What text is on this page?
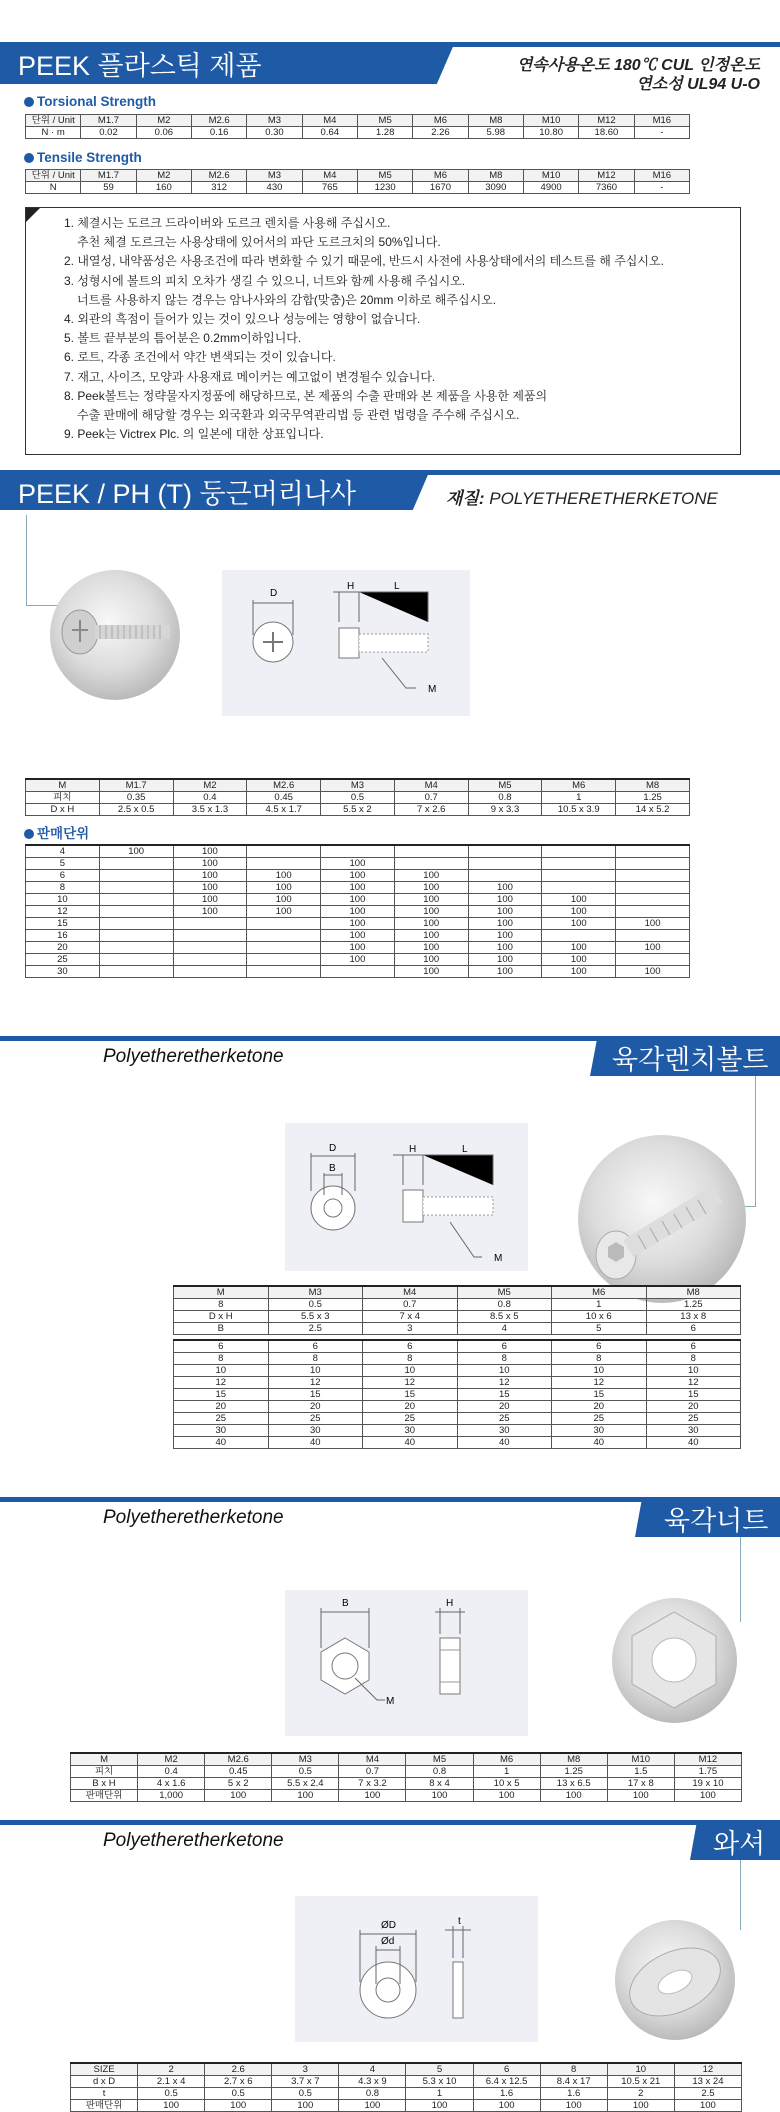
PEEK 플라스틱 제품	연속사용온도 180℃ CUL 인정온도
연소성 UL94 U-O
Torsional Strength
단위 / Unit	M1.7	M2	M2.6	M3	M4	M5	M6	M8	M10	M12	M16
N · m	0.02	0.06	0.16	0.30	0.64	1.28	2.26	5.98	10.80	18.60	-
Tensile Strength
단위 / Unit	M1.7	M2	M2.6	M3	M4	M5	M6	M8	M10	M12	M16
N	59	160	312	430	765	1230	1670	3090	4900	7360	-
1. 체결시는 도르크 드라이버와 도르크 렌치를 사용해 주십시오.
추천 체결 도르크는 사용상태에 있어서의 파단 도르크치의 50%입니다.
2. 내열성, 내약품성은 사용조건에 따라 변화할 수 있기 때문에, 반드시 사전에 사용상태에서의 테스트를 해 주십시오.
3. 성형시에 볼트의 피치 오차가 생길 수 있으니, 너트와 함께 사용해 주십시오.
너트를 사용하지 않는 경우는 암나사와의 감합(맞춤)은 20mm 이하로 해주십시오.
4. 외관의 흑점이 들어가 있는 것이 있으나 성능에는 영향이 없습니다.
5. 볼트 끝부분의 틈어분은 0.2mm이하입니다.
6. 로트, 각종 조건에서 약간 변색되는 것이 있습니다.
7. 재고, 사이즈, 모양과 사용재료 메이커는 예고없이 변경될수 있습니다.
8. Peek볼트는 정략물자지정품에 해당하므로, 본 제품의 수출 판매와 본 제품을 사용한 제품의
수출 판매에 해당할 경우는 외국환과 외국무역관리법 등 관련 법령을 주수해 주십시오.
9. Peek는 Victrex Plc. 의 일본에 대한 상표입니다.
PEEK / PH (T) 둥근머리나사	재질: POLYETHERETHERKETONE
D
H	L
M
M	M1.7	M2	M2.6	M3	M4	M5	M6	M8
피치	0.35	0.4	0.45	0.5	0.7	0.8	1	1.25
D x H	2.5 x 0.5	3.5 x 1.3	4.5 x 1.7	5.5 x 2	7 x 2.6	9 x 3.3	10.5 x 3.9	14 x 5.2
판매단위
4	100	100						
5		100		100				
6		100	100	100	100			
8		100	100	100	100	100		
10		100	100	100	100	100	100	
12		100	100	100	100	100	100	
15				100	100	100	100	100
16				100	100	100		
20				100	100	100	100	100
25				100	100	100	100	
30					100	100	100	100
육각렌치볼트
Polyetheretherketone
D
B
H	L
M
M	M3	M4	M5	M6	M8
8	0.5	0.7	0.8	1	1.25
D x H	5.5 x 3	7 x 4	8.5 x 5	10 x 6	13 x 8
B	2.5	3	4	5	6
6	6	6	6	6	6
8	8	8	8	8	8
10	10	10	10	10	10
12	12	12	12	12	12
15	15	15	15	15	15
20	20	20	20	20	20
25	25	25	25	25	25
30	30	30	30	30	30
40	40	40	40	40	40
육각너트
Polyetheretherketone
B	H
M
M	M2	M2.6	M3	M4	M5	M6	M8	M10	M12
피치	0.4	0.45	0.5	0.7	0.8	1	1.25	1.5	1.75
B x H	4 x 1.6	5 x 2	5.5 x 2.4	7 x 3.2	8 x 4	10 x 5	13 x 6.5	17 x 8	19 x 10
판매단위	1,000	100	100	100	100	100	100	100	100
와셔
Polyetheretherketone
ØD
Ød
t
SIZE	2	2.6	3	4	5	6	8	10	12
d x D	2.1 x 4	2.7 x 6	3.7 x 7	4.3 x 9	5.3 x 10	6.4 x 12.5	8.4 x 17	10.5 x 21	13 x 24
t	0.5	0.5	0.5	0.8	1	1.6	1.6	2	2.5
판매단위	100	100	100	100	100	100	100	100	100
